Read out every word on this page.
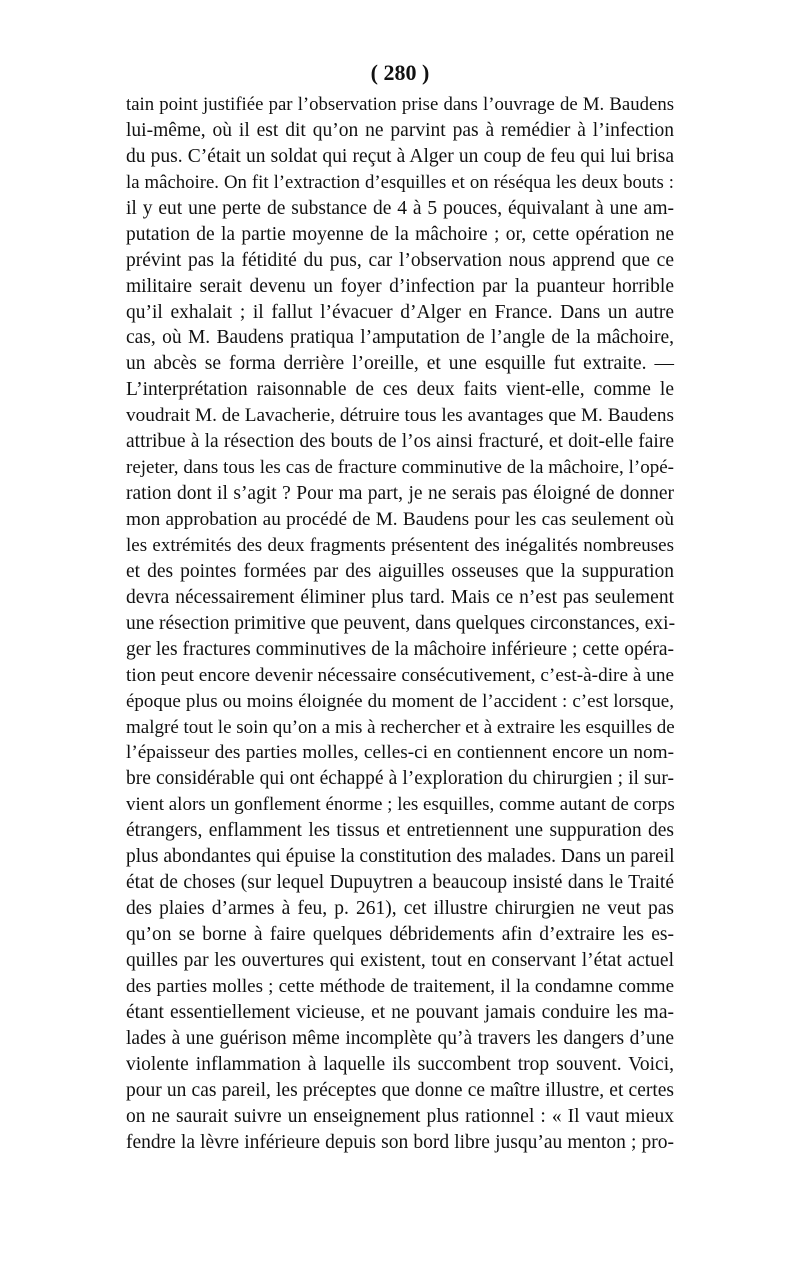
( 280 )
tain point justifiée par l’observation prise dans l’ouvrage de M. Baudens
lui-même, où il est dit qu’on ne parvint pas à remédier à l’infection
du pus. C’était un soldat qui reçut à Alger un coup de feu qui lui brisa
la mâchoire. On fit l’extraction d’esquilles et on réséqua les deux bouts :
il y eut une perte de substance de 4 à 5 pouces, équivalant à une am-
putation de la partie moyenne de la mâchoire ; or, cette opération ne
prévint pas la fétidité du pus, car l’observation nous apprend que ce
militaire serait devenu un foyer d’infection par la puanteur horrible
qu’il exhalait ; il fallut l’évacuer d’Alger en France. Dans un autre
cas, où M. Baudens pratiqua l’amputation de l’angle de la mâchoire,
un abcès se forma derrière l’oreille, et une esquille fut extraite. —
L’interprétation raisonnable de ces deux faits vient-elle, comme le
voudrait M. de Lavacherie, détruire tous les avantages que M. Baudens
attribue à la résection des bouts de l’os ainsi fracturé, et doit-elle faire
rejeter, dans tous les cas de fracture comminutive de la mâchoire, l’opé-
ration dont il s’agit ? Pour ma part, je ne serais pas éloigné de donner
mon approbation au procédé de M. Baudens pour les cas seulement où
les extrémités des deux fragments présentent des inégalités nombreuses
et des pointes formées par des aiguilles osseuses que la suppuration
devra nécessairement éliminer plus tard. Mais ce n’est pas seulement
une résection primitive que peuvent, dans quelques circonstances, exi-
ger les fractures comminutives de la mâchoire inférieure ; cette opéra-
tion peut encore devenir nécessaire consécutivement, c’est-à-dire à une
époque plus ou moins éloignée du moment de l’accident : c’est lorsque,
malgré tout le soin qu’on a mis à rechercher et à extraire les esquilles de
l’épaisseur des parties molles, celles-ci en contiennent encore un nom-
bre considérable qui ont échappé à l’exploration du chirurgien ; il sur-
vient alors un gonflement énorme ; les esquilles, comme autant de corps
étrangers, enflamment les tissus et entretiennent une suppuration des
plus abondantes qui épuise la constitution des malades. Dans un pareil
état de choses (sur lequel Dupuytren a beaucoup insisté dans le Traité
des plaies d’armes à feu, p. 261), cet illustre chirurgien ne veut pas
qu’on se borne à faire quelques débridements afin d’extraire les es-
quilles par les ouvertures qui existent, tout en conservant l’état actuel
des parties molles ; cette méthode de traitement, il la condamne comme
étant essentiellement vicieuse, et ne pouvant jamais conduire les ma-
lades à une guérison même incomplète qu’à travers les dangers d’une
violente inflammation à laquelle ils succombent trop souvent. Voici,
pour un cas pareil, les préceptes que donne ce maître illustre, et certes
on ne saurait suivre un enseignement plus rationnel : « Il vaut mieux
fendre la lèvre inférieure depuis son bord libre jusqu’au menton ; pro-
